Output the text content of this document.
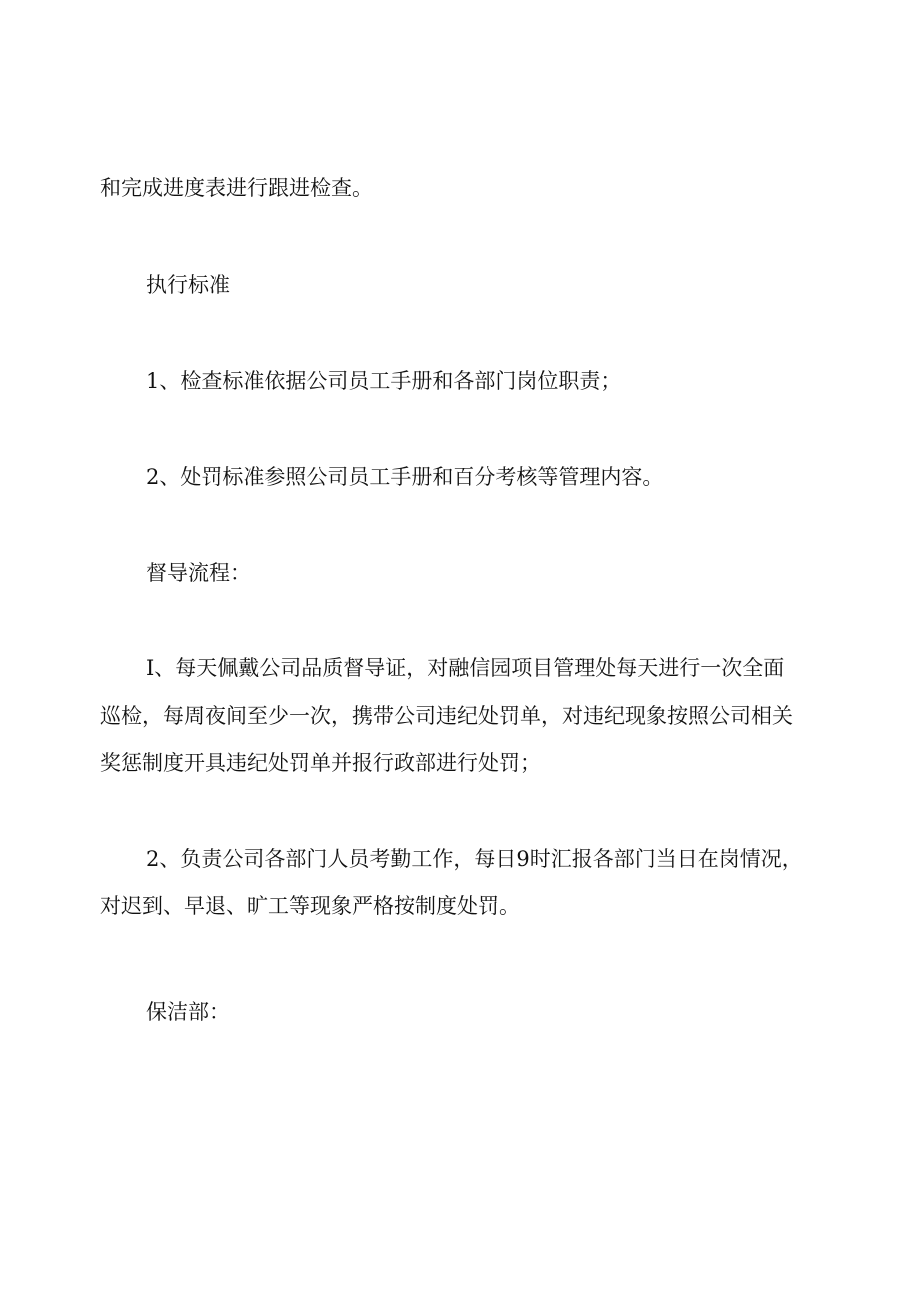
和完成进度表进行跟进检查。

执行标准

1、检查标准依据公司员工手册和各部门岗位职责；

2、处罚标准参照公司员工手册和百分考核等管理内容。

督导流程：

I、每天佩戴公司品质督导证，对融信园项目管理处每天进行一次全面

巡检，每周夜间至少一次，携带公司违纪处罚单，对违纪现象按照公司相关

奖惩制度开具违纪处罚单并报行政部进行处罚；

2、负责公司各部门人员考勤工作，每日9时汇报各部门当日在岗情况，

对迟到、早退、旷工等现象严格按制度处罚。

保洁部：
